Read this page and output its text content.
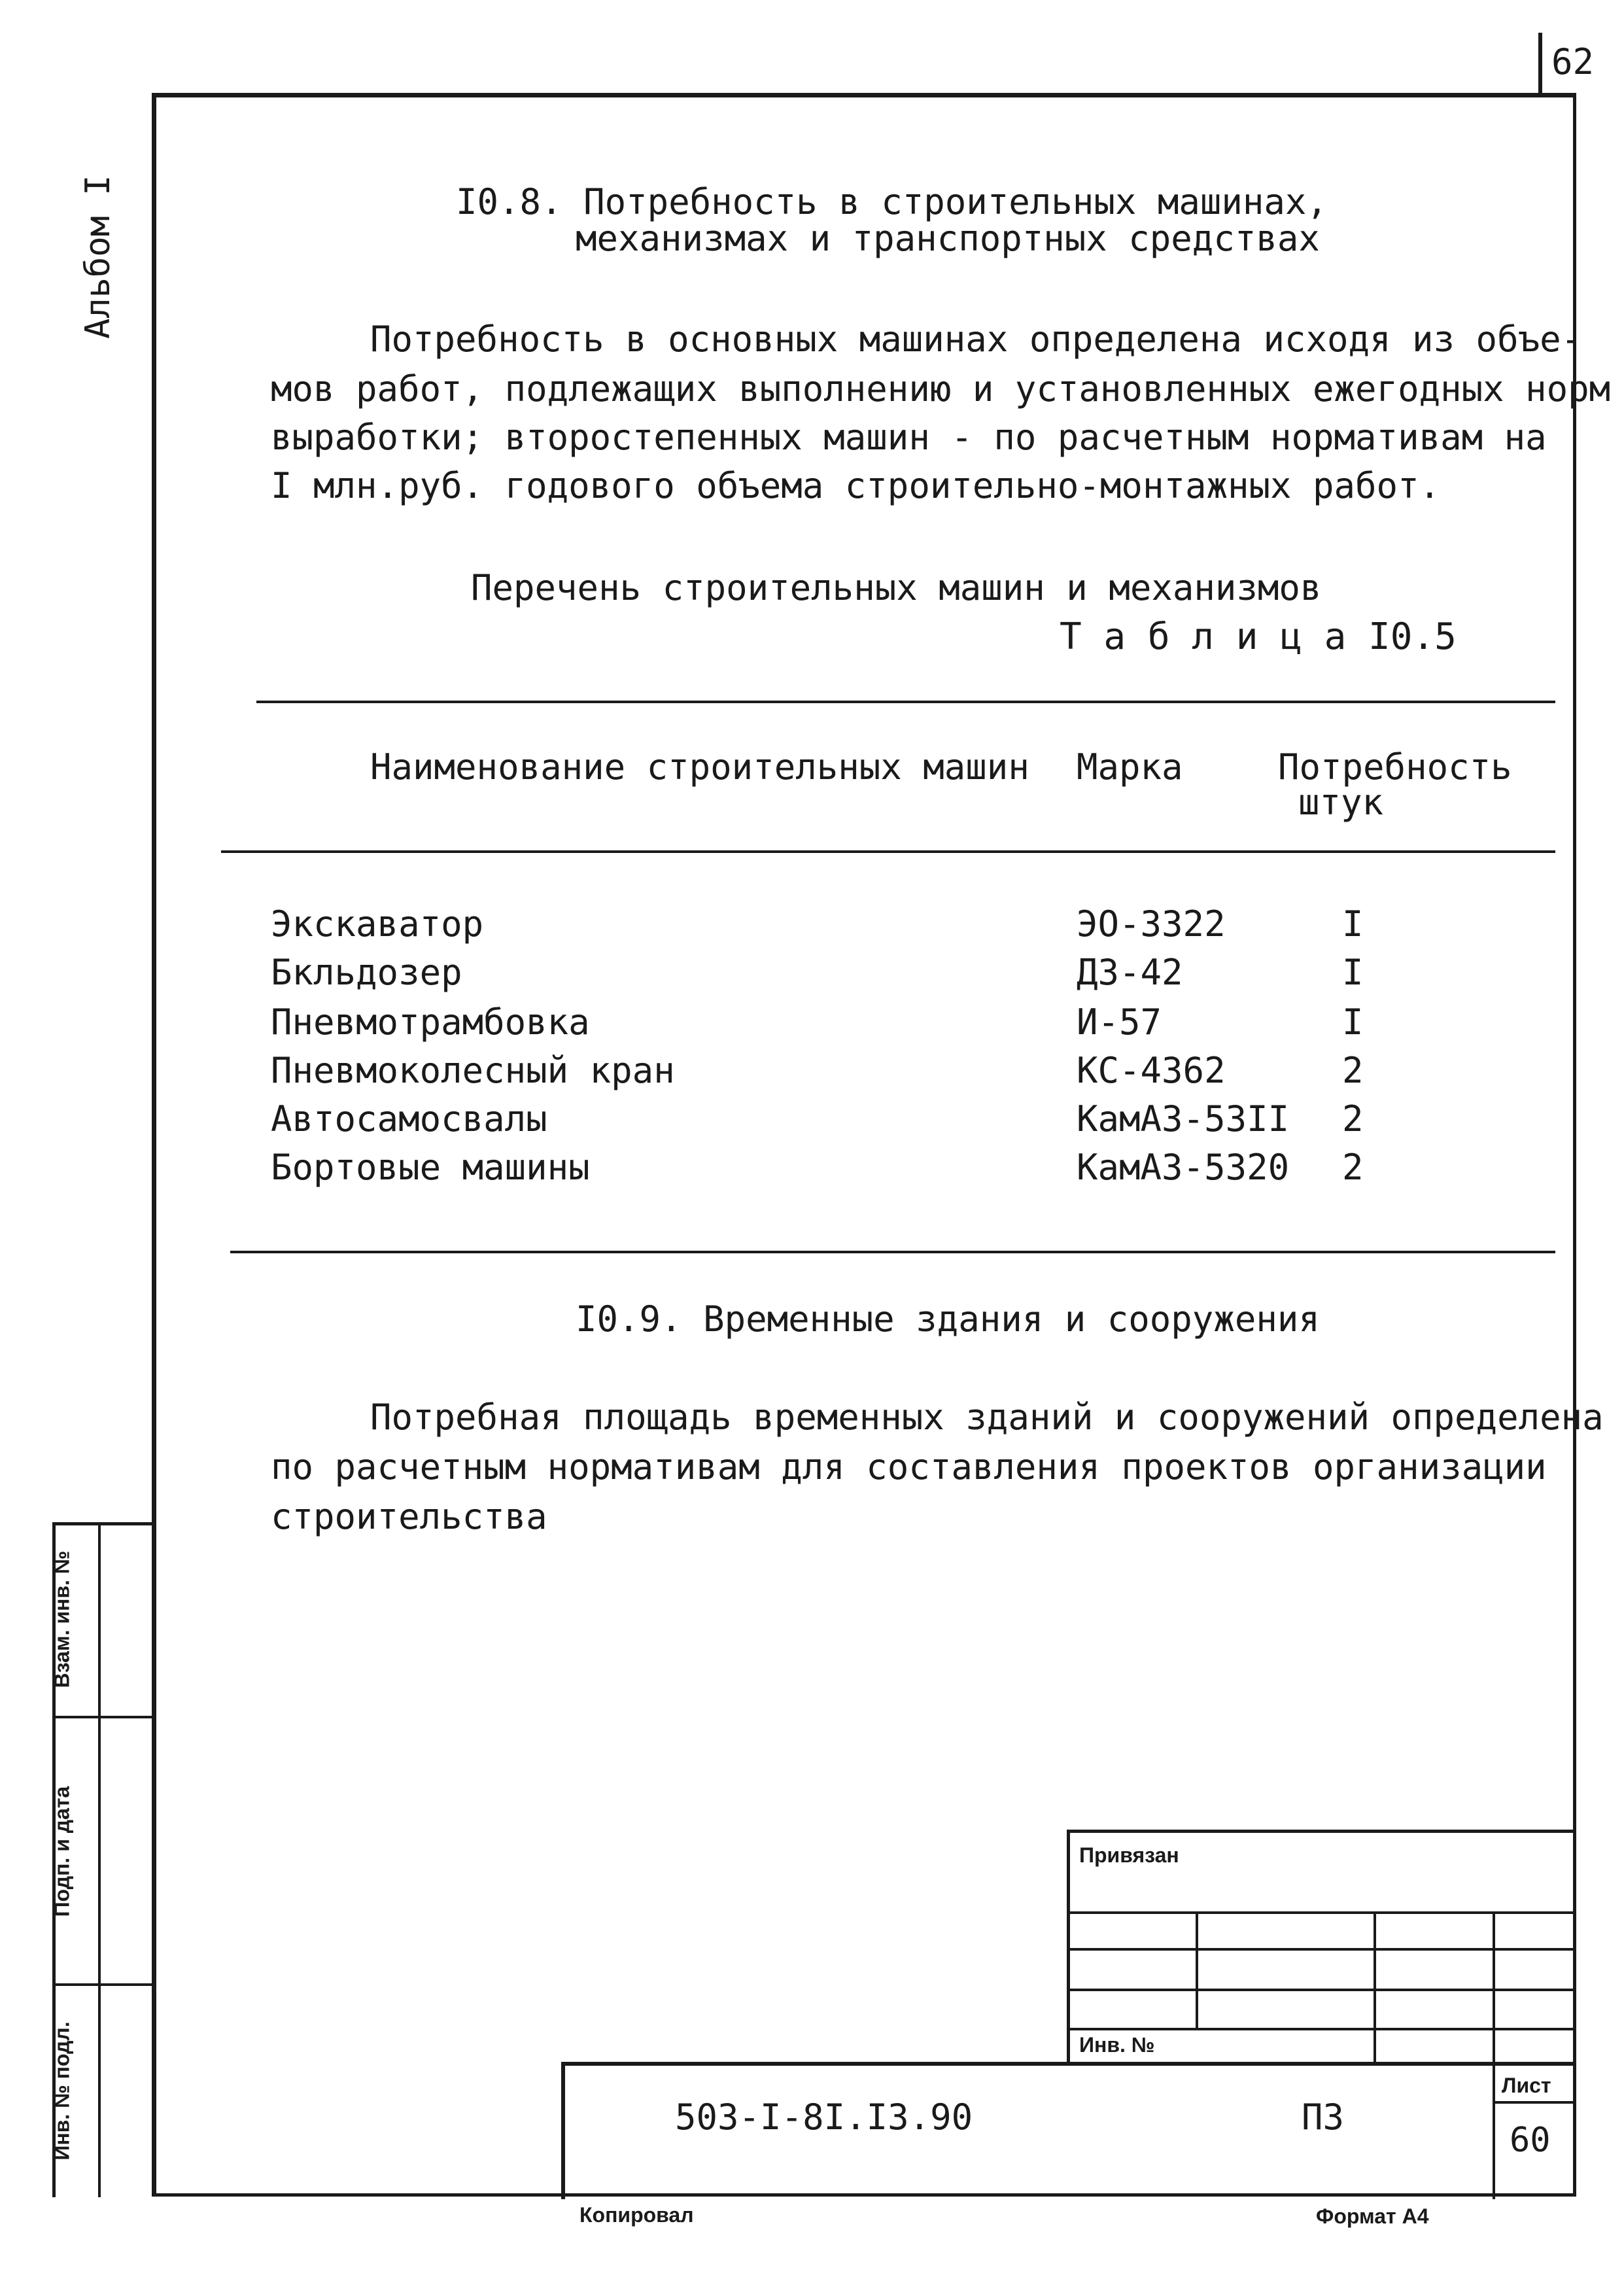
62
Альбом I	I0.8. Потребность в строительных машинах,
механизмах и транспортных средствах
Потребность в основных машинах определена исходя из объе-
мов работ, подлежащих выполнению и установленных ежегодных норм
выработки; второстепенных машин - по расчетным нормативам на
I млн.руб. годового объема строительно-монтажных работ.
Перечень строительных машин и механизмов
Т а б л и ц а I0.5
Наименование строительных машин Марка	Потребность
штук
Экскаватор	ЭО-3322	I
Бкльдозер	ДЗ-42	I
Пневмотрамбовка	И-57	I
Пневмоколесный кран	КС-4362	2
Автосамосвалы	КамАЗ-53II 2
Бортовые машины	КамАЗ-5320 2
I0.9. Временные здания и сооружения
Потребная площадь временных зданий и сооружений определена
по расчетным нормативам для составления проектов организации
строительства
Взам. инв. №
Подп. и дата
Инв. № подл.
Привязан
Инв. №
503-I-8I.I3.90	ПЗ
Лист
60
Копировал	Формат А4
